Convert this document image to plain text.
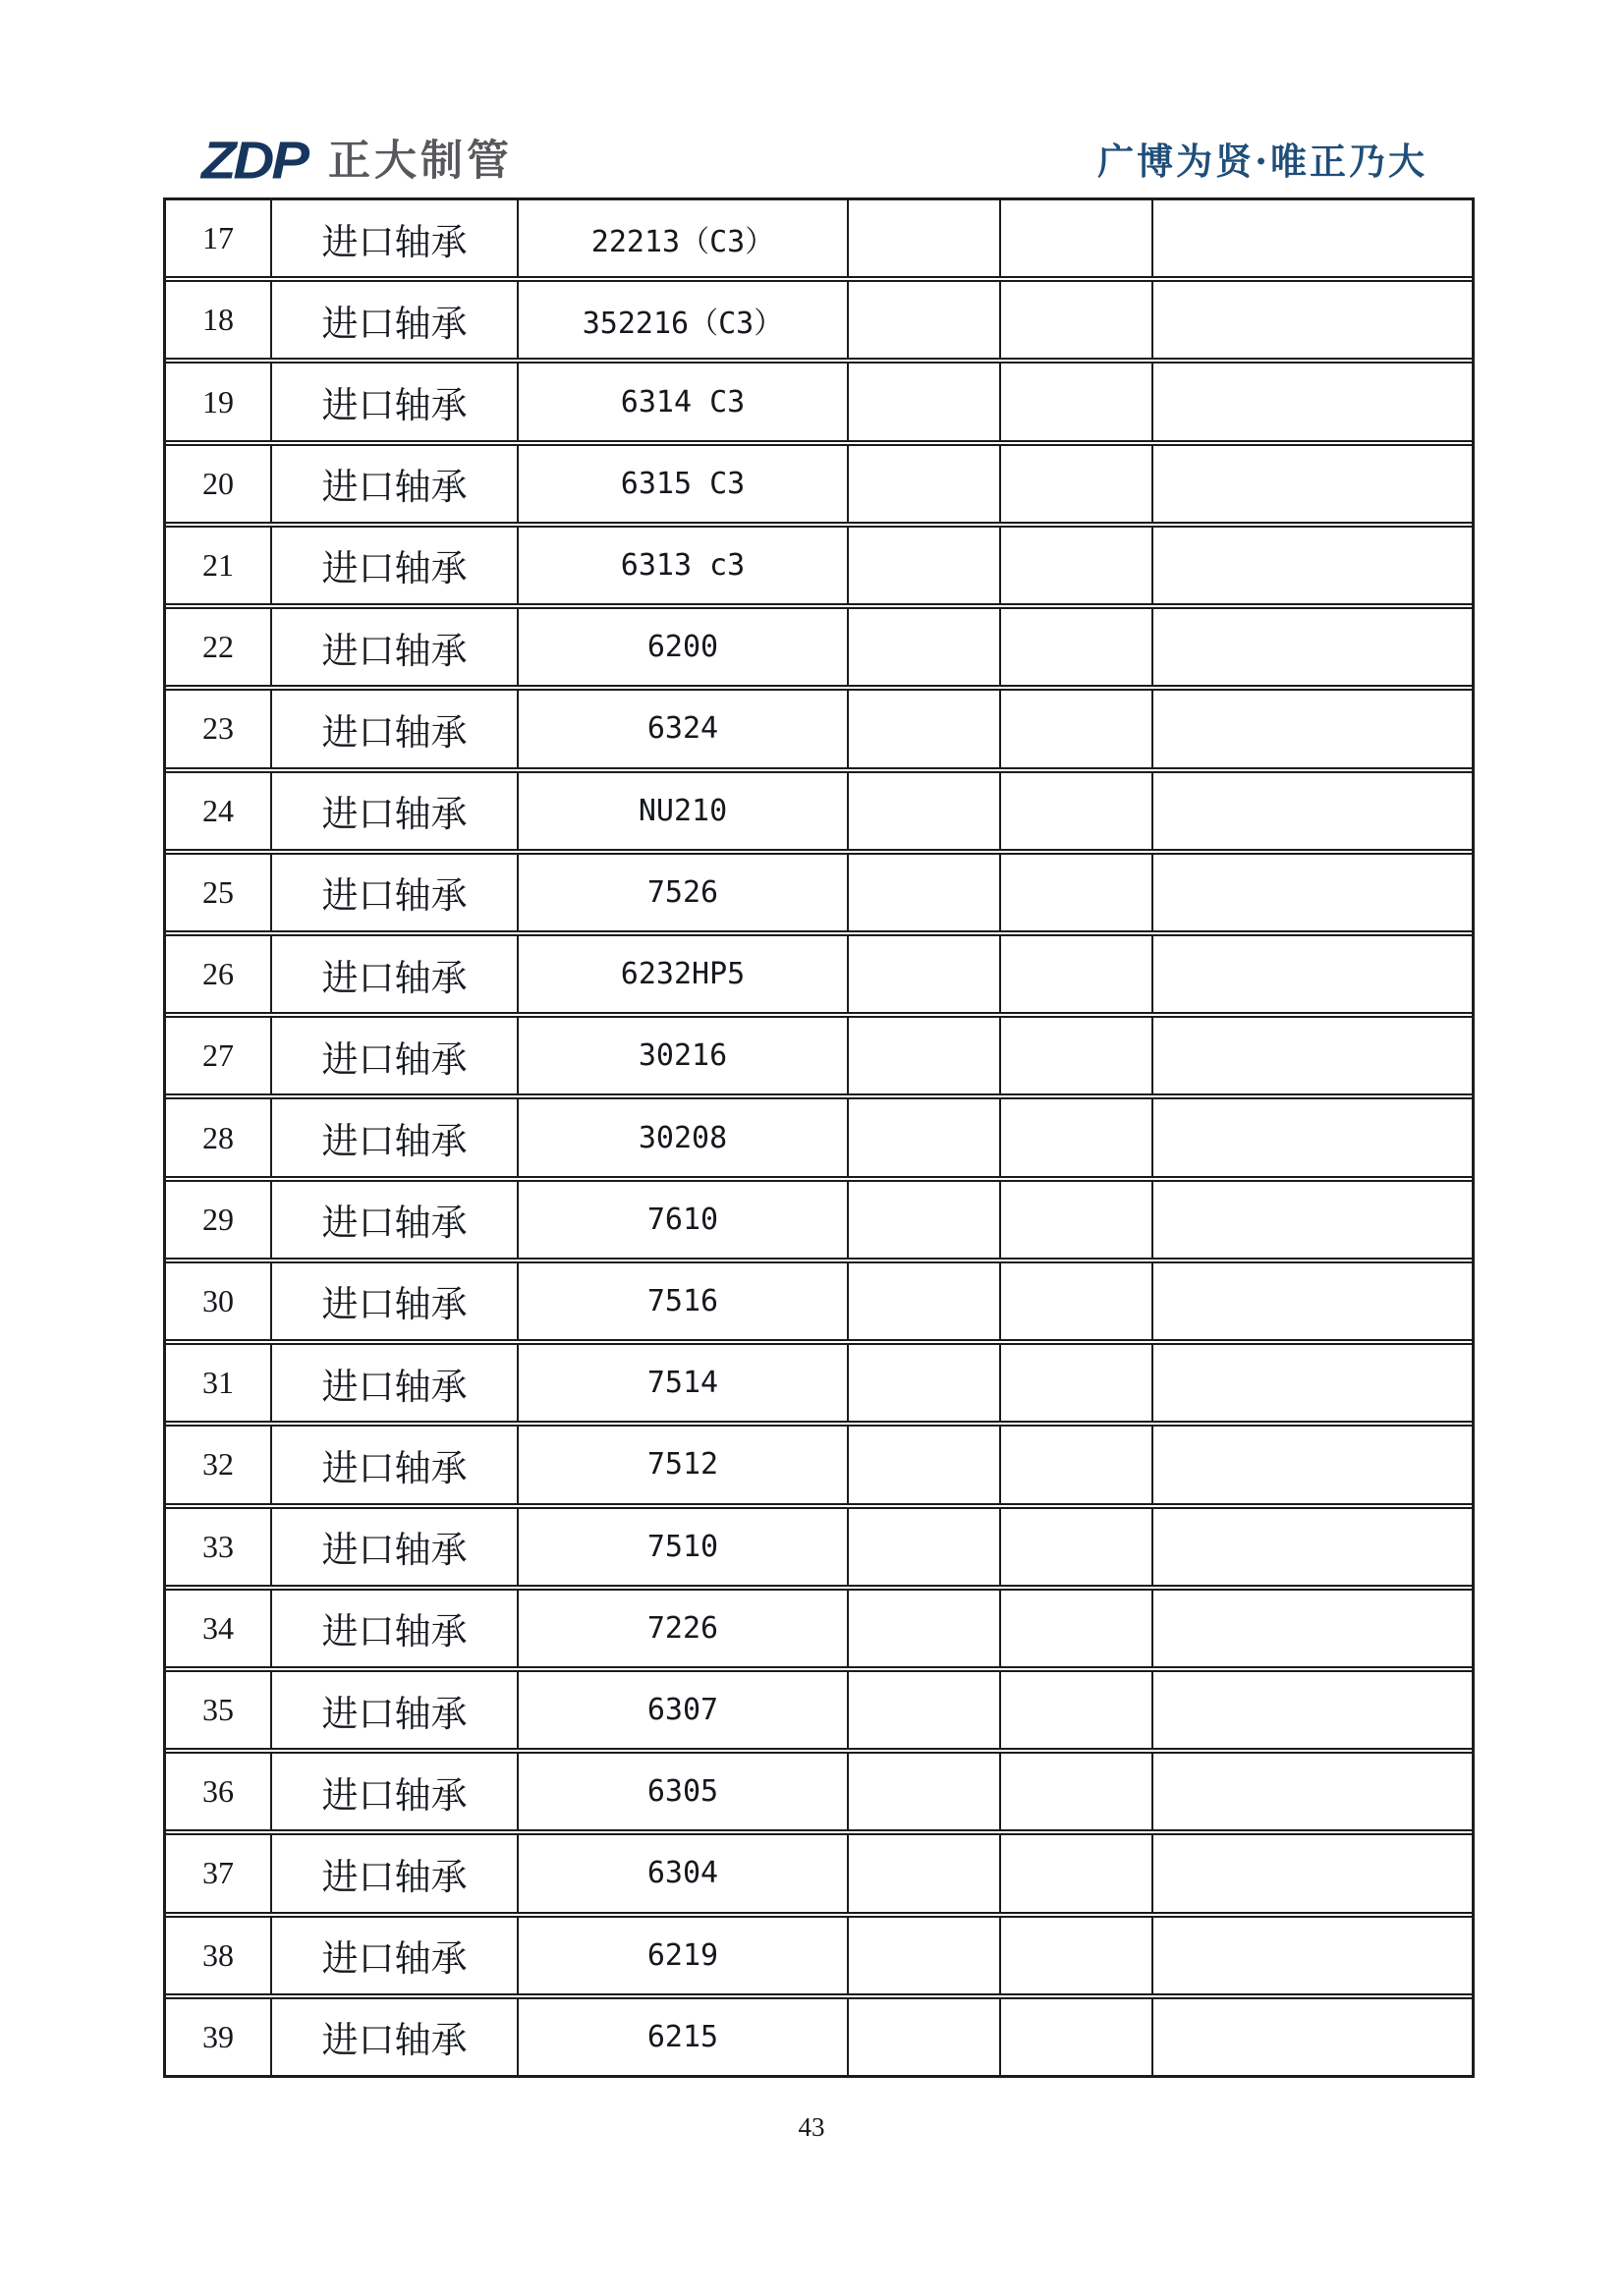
ZDP 正大制管	广博为贤·唯正乃大
17	进口轴承	22213（C3）
18	进口轴承	352216（C3）
19	进口轴承	6314 C3
20	进口轴承	6315 C3
21	进口轴承	6313 c3
22	进口轴承	6200
23	进口轴承	6324
24	进口轴承	NU210
25	进口轴承	7526
26	进口轴承	6232HP5
27	进口轴承	30216
28	进口轴承	30208
29	进口轴承	7610
30	进口轴承	7516
31	进口轴承	7514
32	进口轴承	7512
33	进口轴承	7510
34	进口轴承	7226
35	进口轴承	6307
36	进口轴承	6305
37	进口轴承	6304
38	进口轴承	6219
39	进口轴承	6215
43
